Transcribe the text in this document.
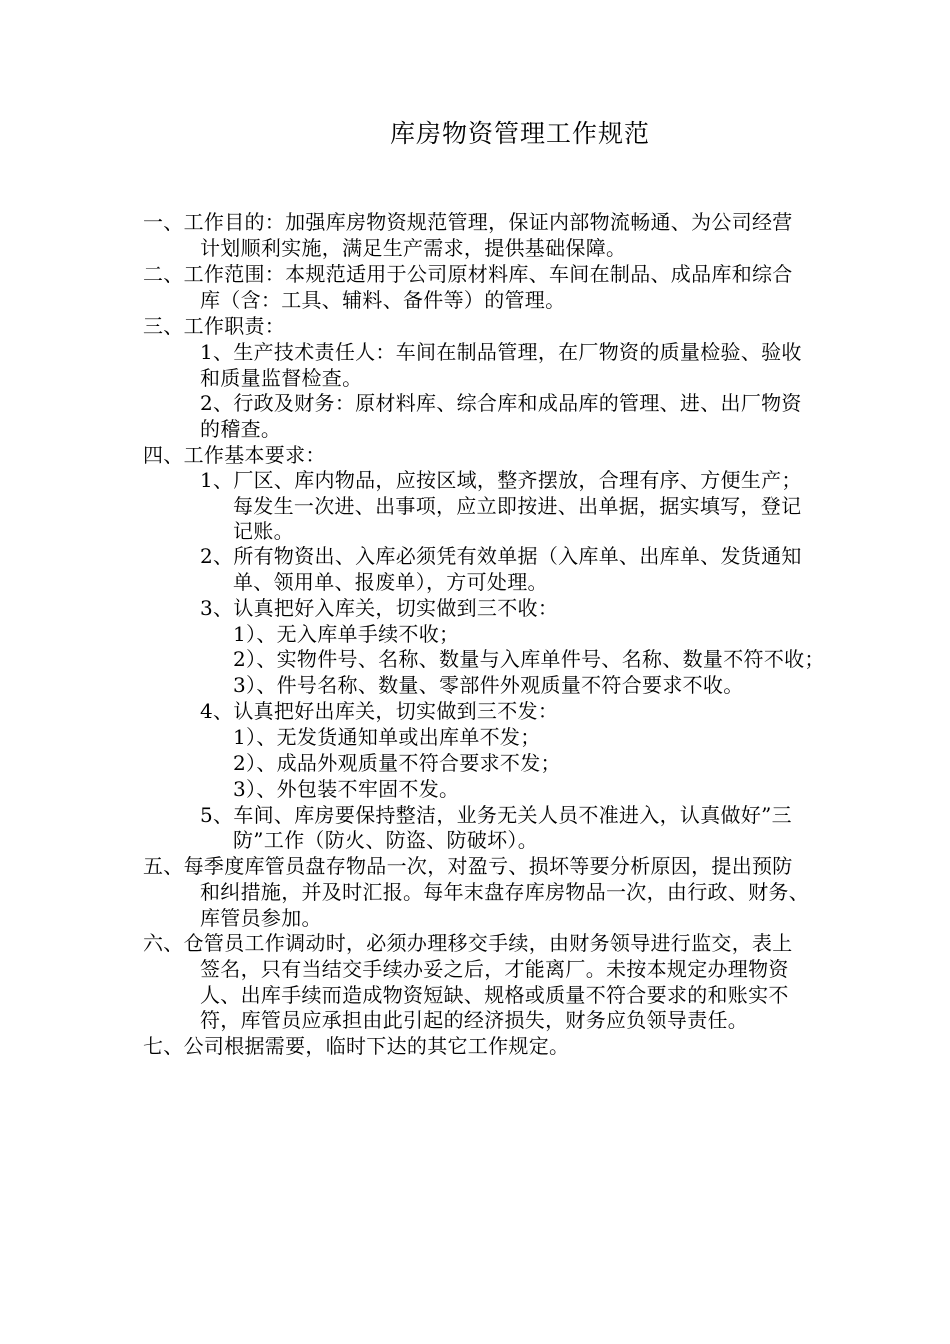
库房物资管理工作规范
一、工作目的：加强库房物资规范管理，保证内部物流畅通、为公司经营
计划顺利实施，满足生产需求，提供基础保障。
二、工作范围：本规范适用于公司原材料库、车间在制品、成品库和综合
库（含：工具、辅料、备件等）的管理。
三、工作职责：
1、生产技术责任人：车间在制品管理，在厂物资的质量检验、验收
和质量监督检查。
2、行政及财务：原材料库、综合库和成品库的管理、进、出厂物资
的稽查。
四、工作基本要求：
1、厂区、库内物品，应按区域，整齐摆放，合理有序、方便生产；
每发生一次进、出事项，应立即按进、出单据，据实填写，登记
记账。
2、所有物资出、入库必须凭有效单据（入库单、出库单、发货通知
单、领用单、报废单），方可处理。
3、认真把好入库关，切实做到三不收：
1）、无入库单手续不收；
2）、实物件号、名称、数量与入库单件号、名称、数量不符不收；
3）、件号名称、数量、零部件外观质量不符合要求不收。
4、认真把好出库关，切实做到三不发：
1）、无发货通知单或出库单不发；
2）、成品外观质量不符合要求不发；
3）、外包装不牢固不发。
5、车间、库房要保持整洁，业务无关人员不准进入，认真做好”三
防”工作（防火、防盗、防破坏）。
五、每季度库管员盘存物品一次，对盈亏、损坏等要分析原因，提出预防
和纠措施，并及时汇报。每年末盘存库房物品一次，由行政、财务、
库管员参加。
六、仓管员工作调动时，必须办理移交手续，由财务领导进行监交，表上
签名，只有当结交手续办妥之后，才能离厂。未按本规定办理物资
人、出库手续而造成物资短缺、规格或质量不符合要求的和账实不
符，库管员应承担由此引起的经济损失，财务应负领导责任。
七、公司根据需要，临时下达的其它工作规定。
